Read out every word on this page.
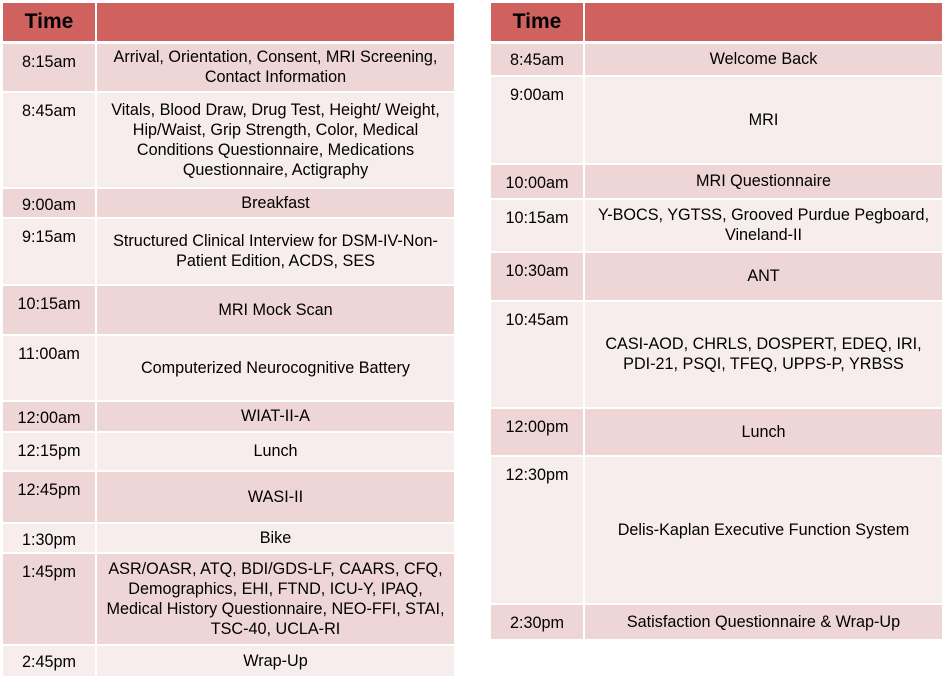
Time	
8:15am	Arrival, Orientation, Consent, MRI Screening, Contact Information
8:45am	Vitals, Blood Draw, Drug Test, Height/ Weight, Hip/Waist, Grip Strength, Color, Medical Conditions Questionnaire, Medications Questionnaire, Actigraphy
9:00am	Breakfast
9:15am	Structured Clinical Interview for DSM-IV-Non-Patient Edition, ACDS, SES
10:15am	MRI Mock Scan
11:00am	Computerized Neurocognitive Battery
12:00am	WIAT-II-A
12:15pm	Lunch
12:45pm	WASI-II
1:30pm	Bike
1:45pm	ASR/OASR, ATQ, BDI/GDS-LF, CAARS, CFQ, Demographics, EHI, FTND, ICU-Y, IPAQ, Medical History Questionnaire, NEO-FFI, STAI, TSC-40, UCLA-RI
2:45pm	Wrap-Up
Time	
8:45am	Welcome Back
9:00am	MRI
10:00am	MRI Questionnaire
10:15am	Y-BOCS, YGTSS, Grooved Purdue Pegboard, Vineland-II
10:30am	ANT
10:45am	CASI-AOD, CHRLS, DOSPERT, EDEQ, IRI, PDI-21, PSQI, TFEQ, UPPS-P, YRBSS
12:00pm	Lunch
12:30pm	Delis-Kaplan Executive Function System
2:30pm	Satisfaction Questionnaire & Wrap-Up
